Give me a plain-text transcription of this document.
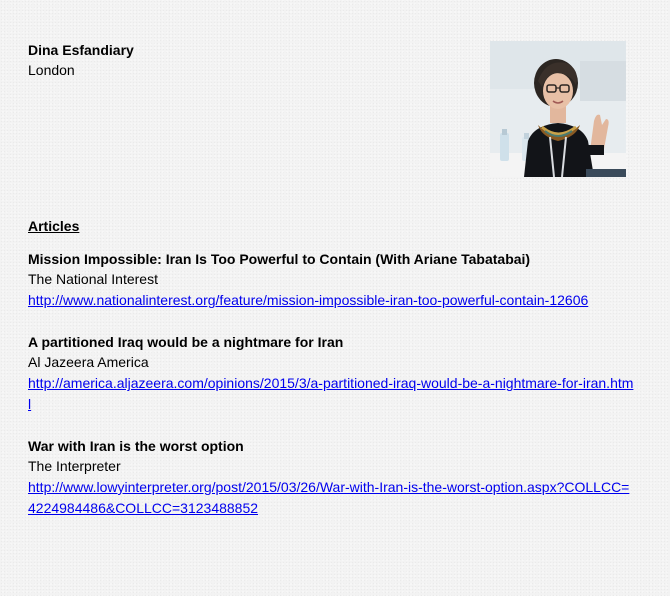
Dina Esfandiary
London
Articles
Mission Impossible: Iran Is Too Powerful to Contain (With Ariane Tabatabai)
The National Interest
http://www.nationalinterest.org/feature/mission-impossible-iran-too-powerful-contain-12606
A partitioned Iraq would be a nightmare for Iran
Al Jazeera America
http://america.aljazeera.com/opinions/2015/3/a-partitioned-iraq-would-be-a-nightmare-for-iran.html
War with Iran is the worst option
The Interpreter
http://www.lowyinterpreter.org/post/2015/03/26/War-with-Iran-is-the-worst-option.aspx?COLLCC=4224984486&COLLCC=3123488852
